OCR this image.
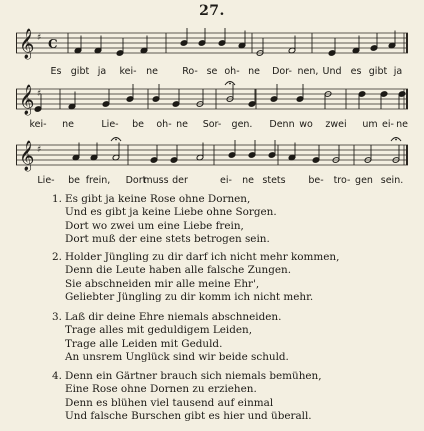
27.
𝄞 ♯ C
Es gibt ja kei- ne	Ro- se oh- ne Dor- nen, Und es gibt ja
𝄞 ♯
kei- ne	Lie- be oh- ne Sor- gen. Denn wo zwei um ei- ne
𝄞 ♯
Lie- be frein, Dort
muss der	ei- ne stets be- tro- gen sein.
1. Es gibt ja keine Rose ohne Dornen,
Und es gibt ja keine Liebe ohne Sorgen.
Dort wo zwei um eine Liebe frein,
Dort muß der eine stets betrogen sein.
2. Holder Jüngling zu dir darf ich nicht mehr kommen,
Denn die Leute haben alle falsche Zungen.
Sie abschneiden mir alle meine Ehr',
Geliebter Jüngling zu dir komm ich nicht mehr.
3. Laß dir deine Ehre niemals abschneiden.
Trage alles mit geduldigem Leiden,
Trage alle Leiden mit Geduld.
An unsrem Unglück sind wir beide schuld.
4. Denn ein Gärtner brauch sich niemals bemühen,
Eine Rose ohne Dornen zu erziehen.
Denn es blühen viel tausend auf einmal
Und falsche Burschen gibt es hier und überall.
